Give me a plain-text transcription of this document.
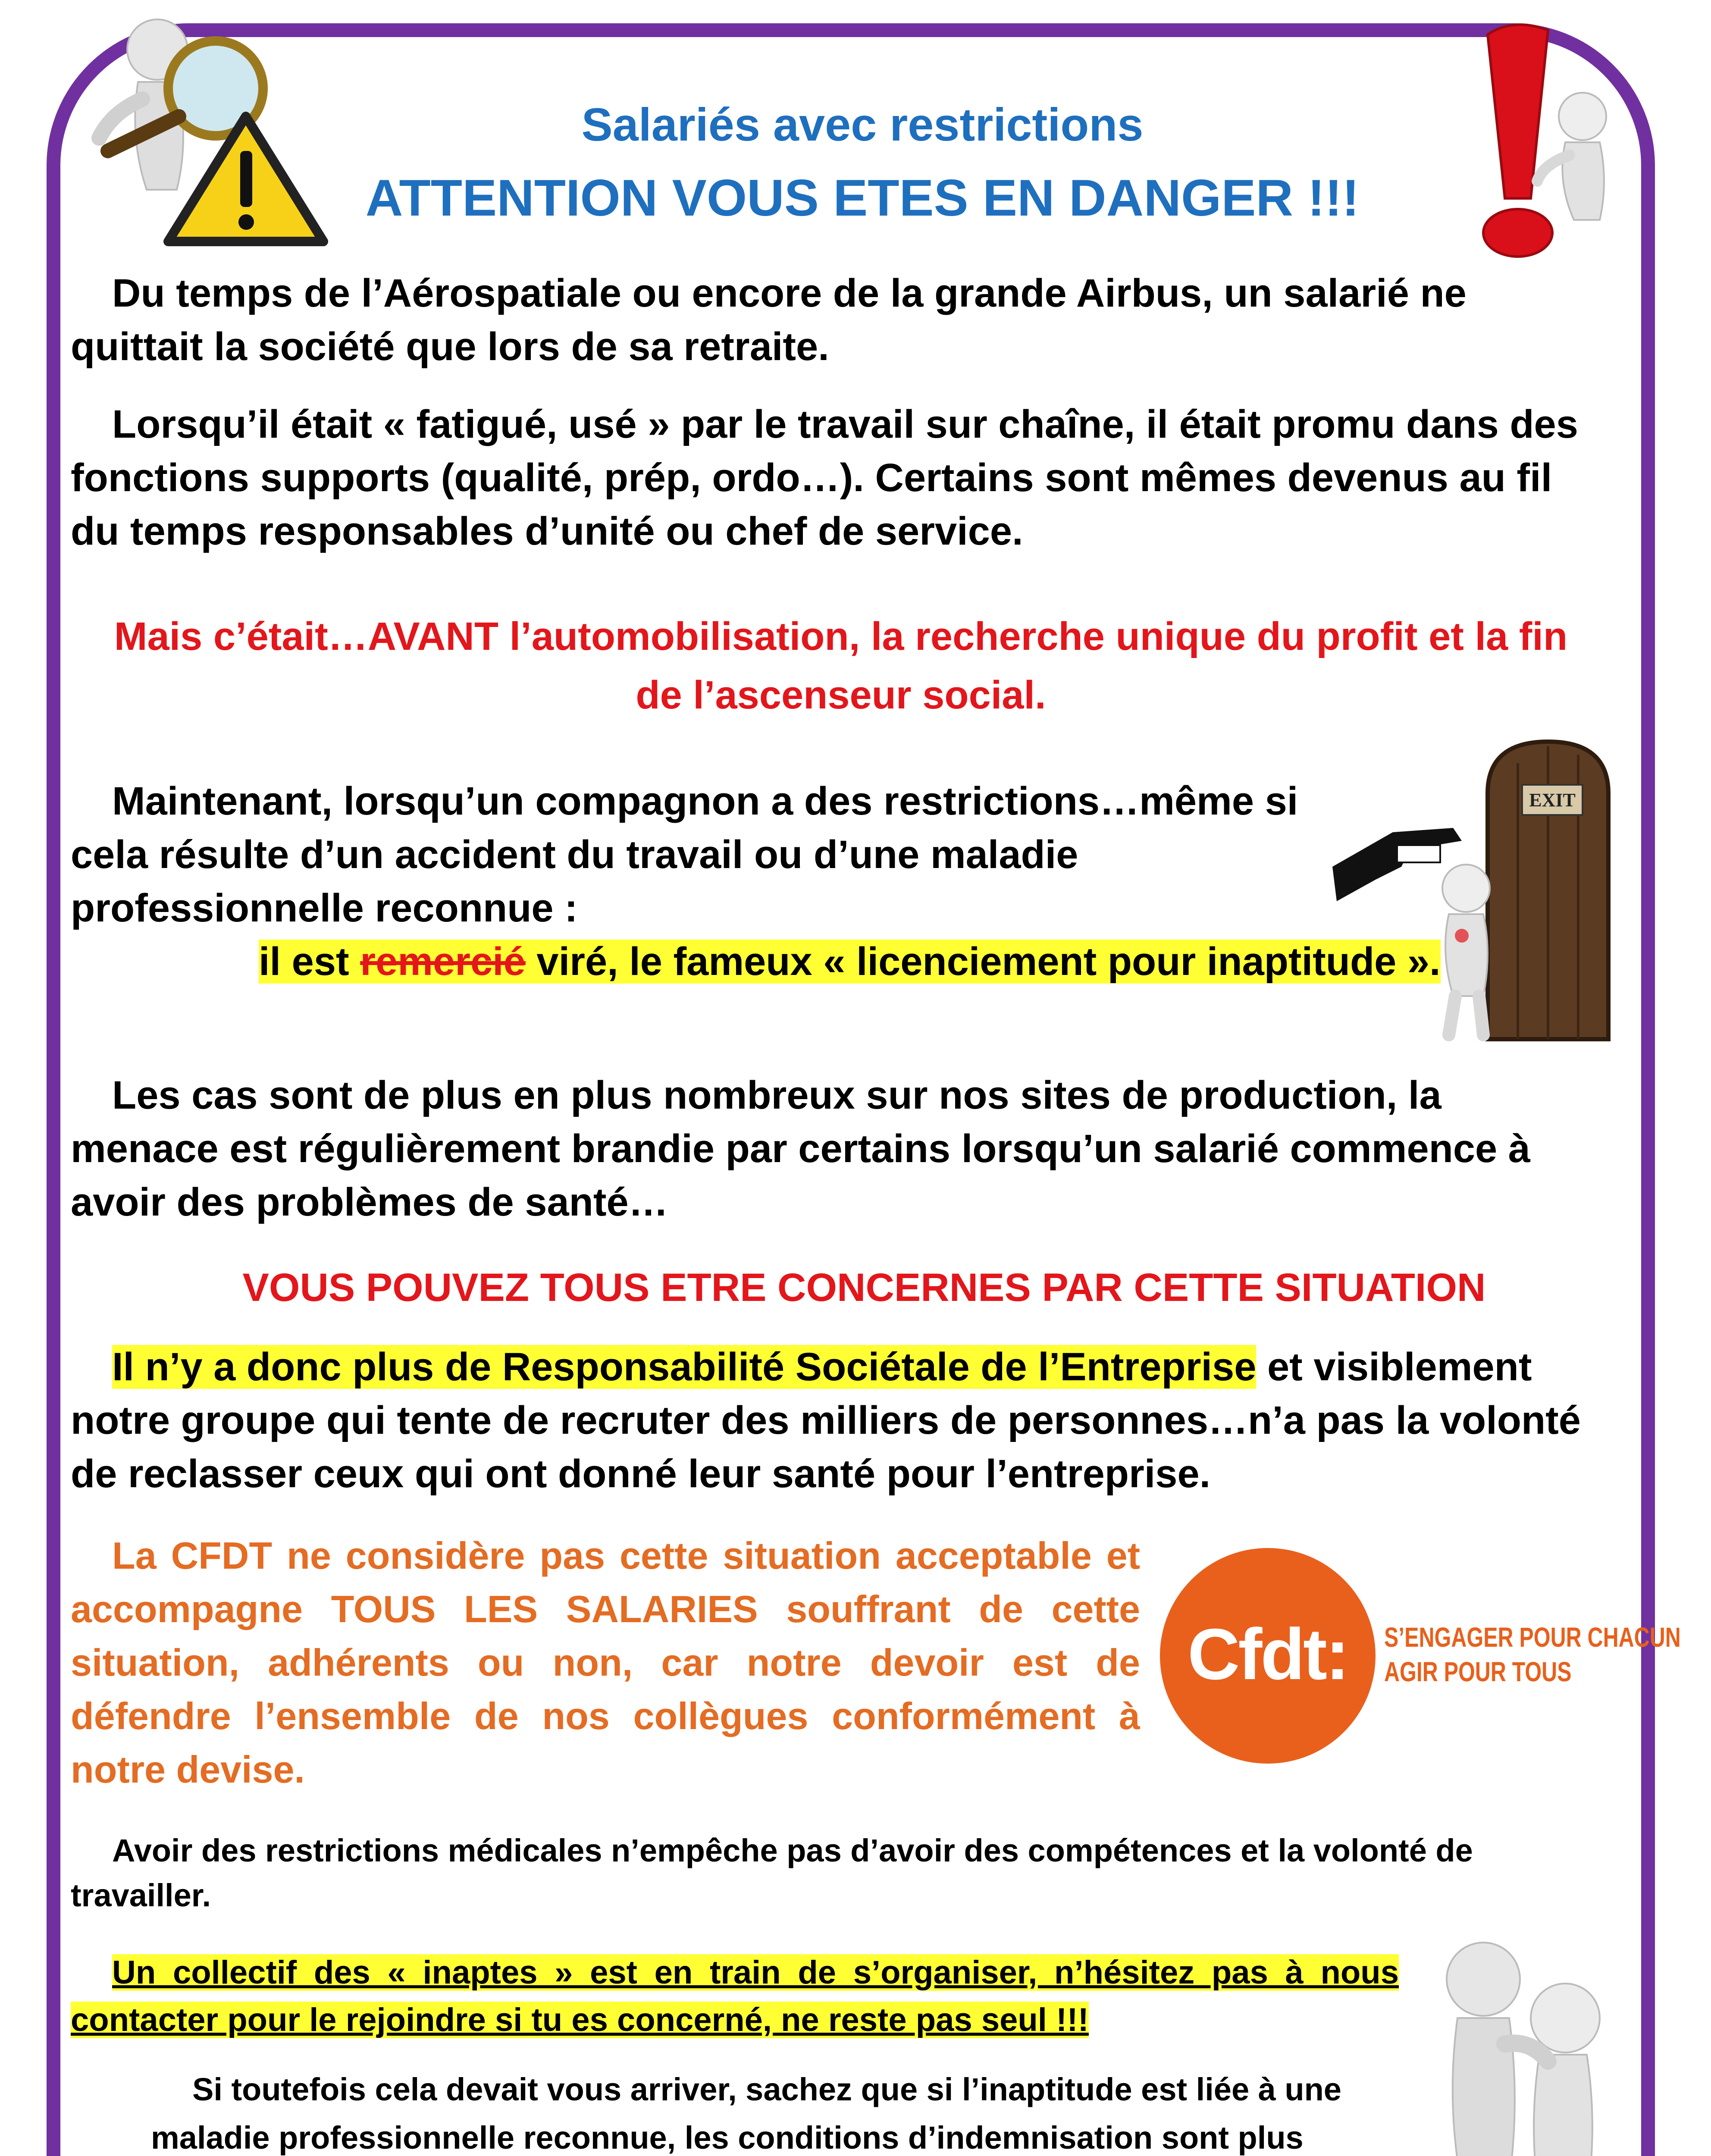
Salariés avec restrictions
ATTENTION VOUS ETES EN DANGER !!!

Du temps de l’Aérospatiale ou encore de la grande Airbus, un salarié ne quittait la société que lors de sa retraite.

Lorsqu’il était « fatigué, usé » par le travail sur chaîne, il était promu dans des fonctions supports (qualité, prép, ordo…). Certains sont mêmes devenus au fil du temps responsables d’unité ou chef de service.

Mais c’était…AVANT l’automobilisation, la recherche unique du profit et la fin de l’ascenseur social.

Maintenant, lorsqu’un compagnon a des restrictions…même si cela résulte d’un accident du travail ou d’une maladie professionnelle reconnue :

il est remercié viré, le fameux « licenciement pour inaptitude ».
EXIT

Les cas sont de plus en plus nombreux sur nos sites de production, la menace est régulièrement brandie par certains lorsqu’un salarié commence à avoir des problèmes de santé…

VOUS POUVEZ TOUS ETRE CONCERNES PAR CETTE SITUATION

Il n’y a donc plus de Responsabilité Sociétale de l’Entreprise et visiblement notre groupe qui tente de recruter des milliers de personnes…n’a pas la volonté de reclasser ceux qui ont donné leur santé pour l’entreprise.

La CFDT ne considère pas cette situation acceptable et accompagne TOUS LES SALARIES souffrant de cette situation, adhérents ou non, car notre devoir est de défendre l’ensemble de nos collègues conformément à notre devise.

Cfdt:	S’ENGAGER POUR CHACUN
AGIR POUR TOUS

Avoir des restrictions médicales n’empêche pas d’avoir des compétences et la volonté de travailler.

Un collectif des « inaptes » est en train de s’organiser, n’hésitez pas à nous contacter pour le rejoindre si tu es concerné, ne reste pas seul !!!

Si toutefois cela devait vous arriver, sachez que si l’inaptitude est liée à une maladie professionnelle reconnue, les conditions d’indemnisation sont plus
